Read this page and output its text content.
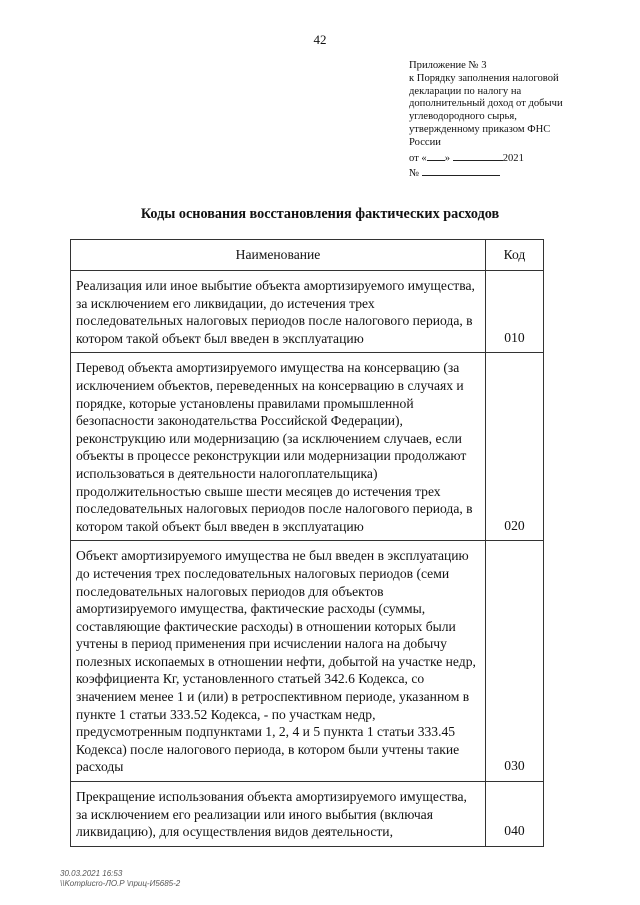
42
Приложение № 3
к Порядку заполнения налоговой
декларации по налогу на
дополнительный доход от добычи
углеводородного сырья,
утвержденному приказом ФНС
России
от « »	2021
№
Коды основания восстановления фактических расходов
Наименование	Код
Реализация или иное выбытие объекта амортизируемого имущества, за исключением его ликвидации, до истечения трех последовательных налоговых периодов после налогового периода, в котором такой объект был введен в эксплуатацию	010
Перевод объекта амортизируемого имущества на консервацию (за исключением объектов, переведенных на консервацию в случаях и порядке, которые установлены правилами промышленной безопасности законодательства Российской Федерации), реконструкцию или модернизацию (за исключением случаев, если объекты в процессе реконструкции или модернизации продолжают использоваться в деятельности налогоплательщика) продолжительностью свыше шести месяцев до истечения трех последовательных налоговых периодов после налогового периода, в котором такой объект был введен в эксплуатацию	020
Объект амортизируемого имущества не был введен в эксплуатацию до истечения трех последовательных налоговых периодов (семи последовательных налоговых периодов для объектов амортизируемого имущества, фактические расходы (суммы, составляющие фактические расходы) в отношении которых были учтены в период применения при исчислении налога на добычу полезных ископаемых в отношении нефти, добытой на участке недр, коэффициента Кг, установленного статьей 342.6 Кодекса, со значением менее 1 и (или) в ретроспективном периоде, указанном в пункте 1 статьи 333.52 Кодекса, - по участкам недр, предусмотренным подпунктами 1, 2, 4 и 5 пункта 1 статьи 333.45 Кодекса) после налогового периода, в котором были учтены такие расходы	030
Прекращение использования объекта амортизируемого имущества, за исключением его реализации или иного выбытия (включая ликвидацию), для осуществления видов деятельности,	040
30.03.2021 16:53
\\Komplucro-ЛО.Р \приц-И5685-2
